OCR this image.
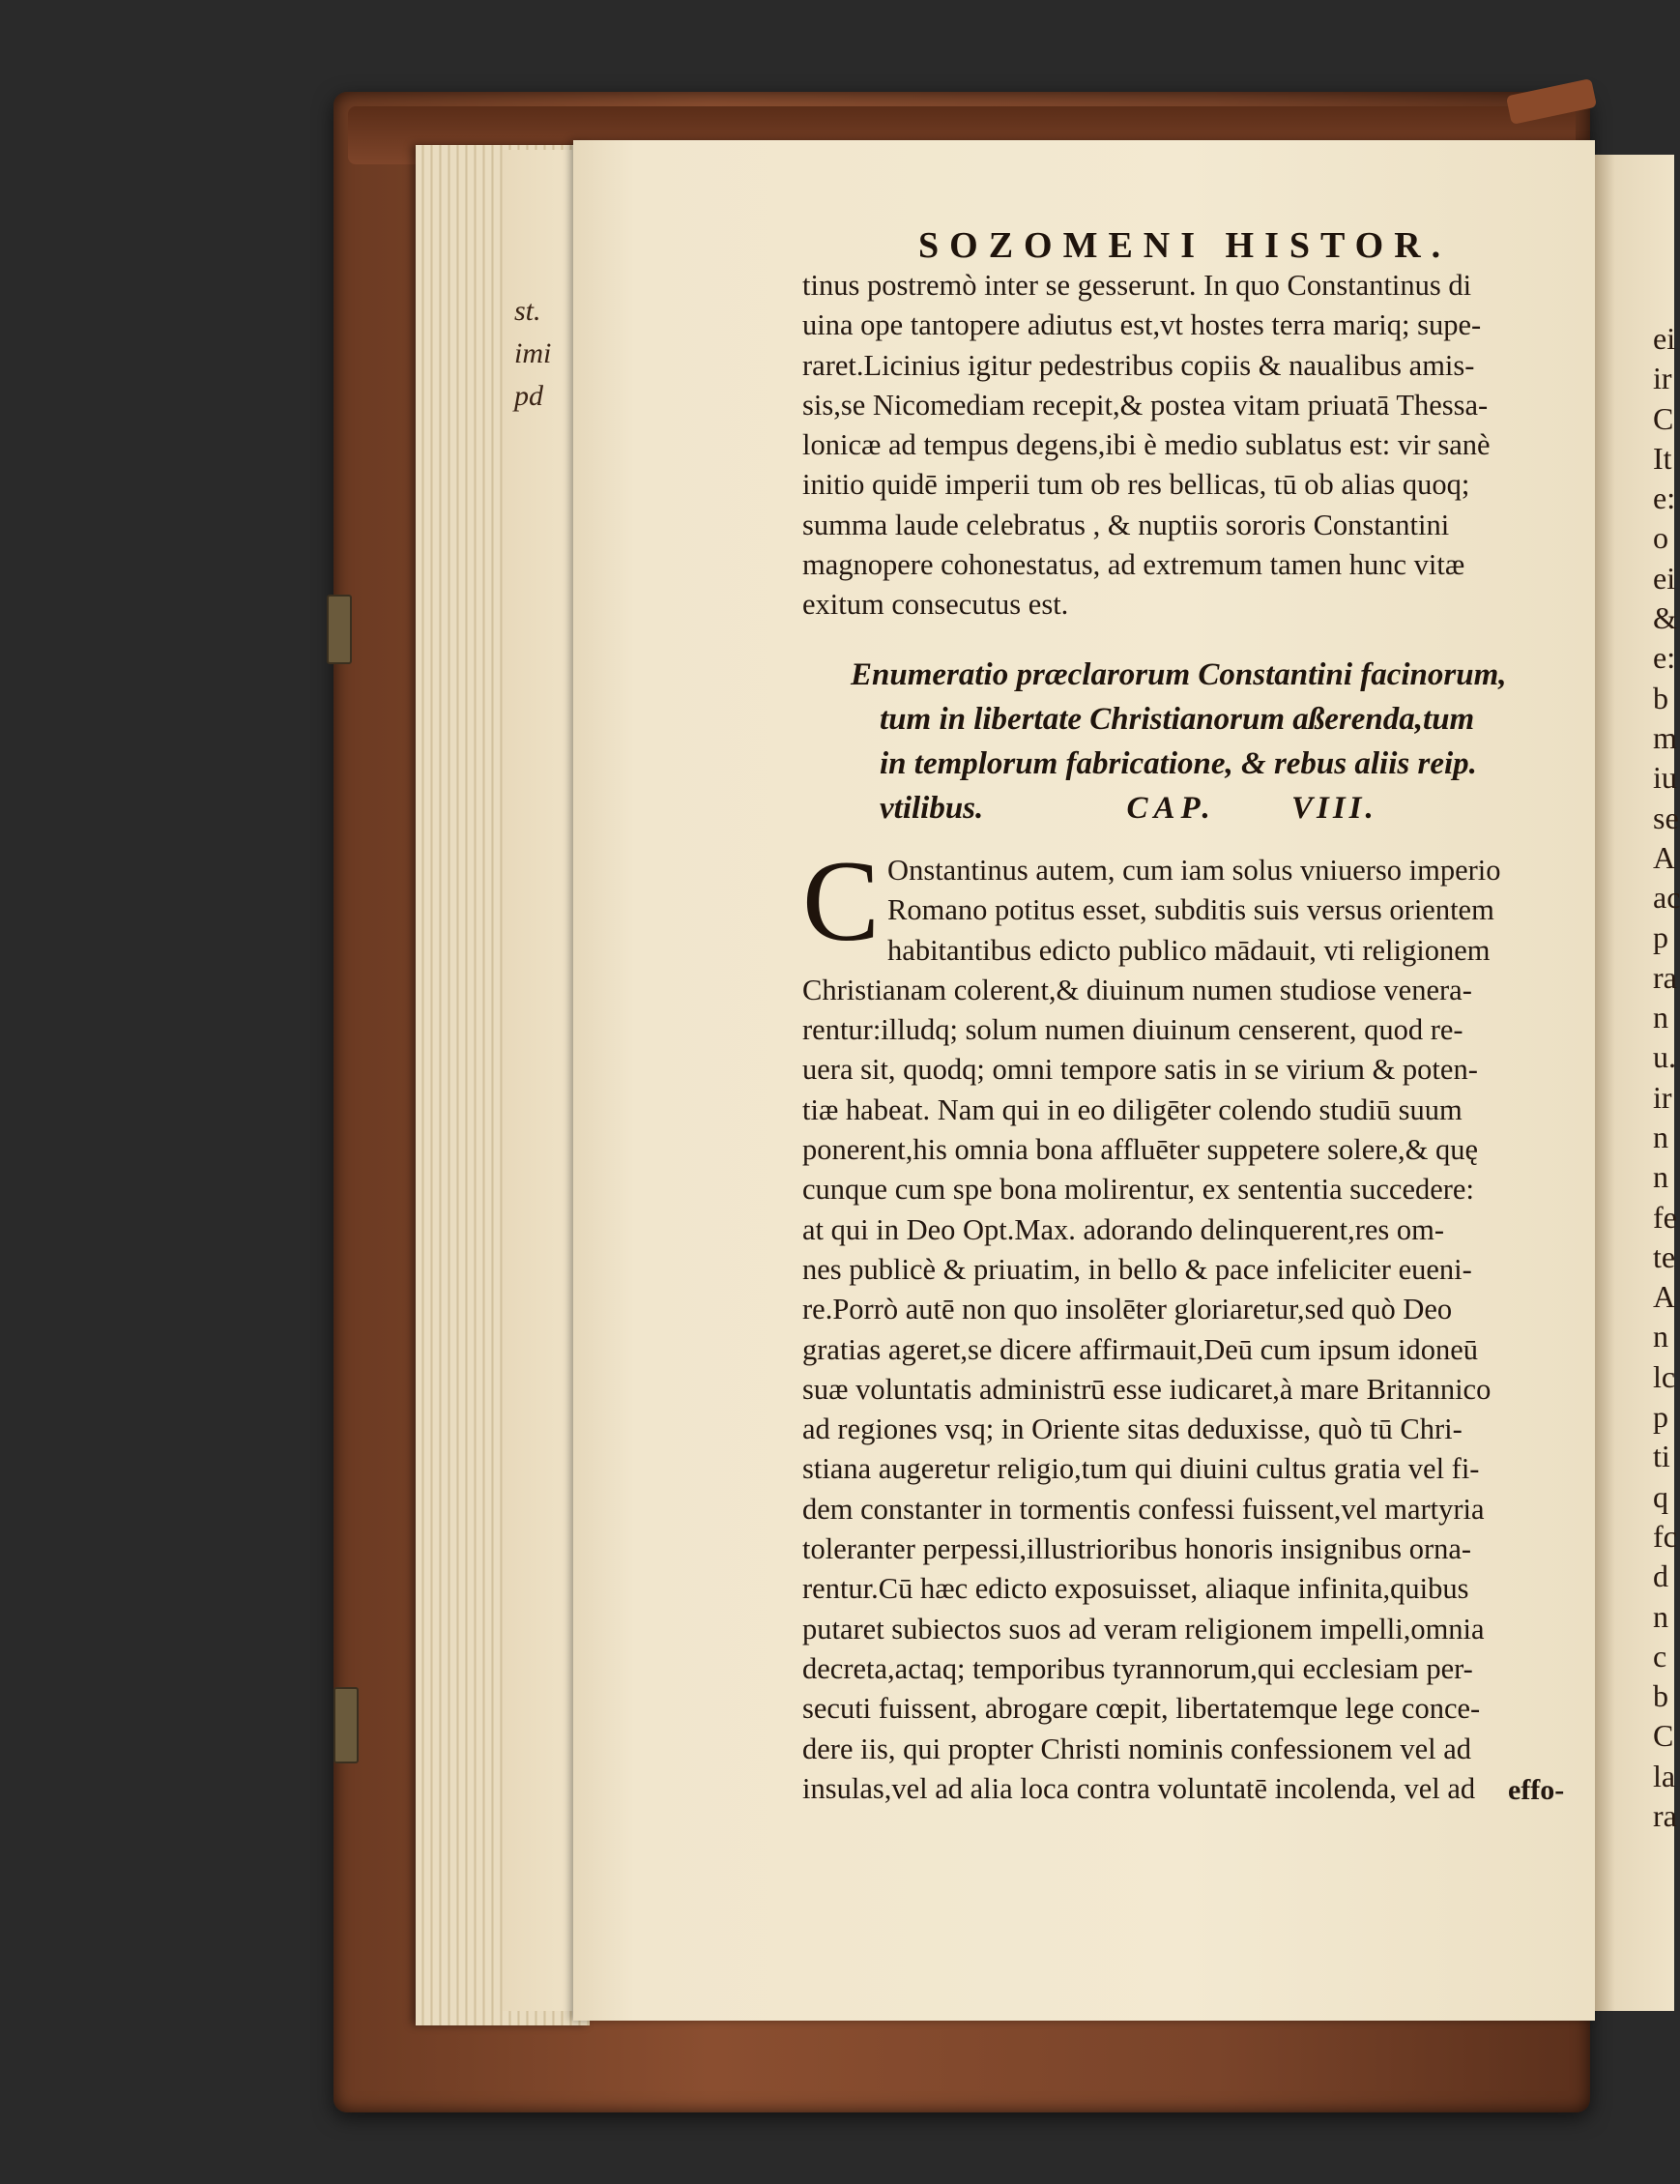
st.
imi
pd
ei
ir
C
It
e:
o
ei
&
e:
b
m
iu
se
A
ac
p
ra
n
u.
ir
n
n
fe
te
A
n
lc
p
ti
q
fc
d
n
c
b
C
la
ra
SOZOMENI HISTOR.
tinus postremò inter se gesserunt. In quo Constantinus di
uina ope tantopere adiutus est,vt hostes terra mariq; supe-
raret.Licinius igitur pedestribus copiis & naualibus amis-
sis,se Nicomediam recepit,& postea vitam priuatā Thessa-
lonicæ ad tempus degens,ibi è medio sublatus est: vir sanè
initio quidē imperii tum ob res bellicas, tū ob alias quoq;
summa laude celebratus , & nuptiis sororis Constantini
magnopere cohonestatus, ad extremum tamen hunc vitæ
exitum consecutus est.
Enumeratio præclarorum Constantini facinorum,
tum in libertate Christianorum aßerenda,tum
in templorum fabricatione, & rebus aliis reip.
vtilibus.	CAP. VIII.
C Onstantinus autem, cum iam solus vniuerso imperio
Romano potitus esset, subditis suis versus orientem
habitantibus edicto publico mādauit, vti religionem
Christianam colerent,& diuinum numen studiose venera-
rentur:illudq; solum numen diuinum censerent, quod re-
uera sit, quodq; omni tempore satis in se virium & poten-
tiæ habeat. Nam qui in eo diligēter colendo studiū suum
ponerent,his omnia bona affluēter suppetere solere,& quę
cunque cum spe bona molirentur, ex sententia succedere:
at qui in Deo Opt.Max. adorando delinquerent,res om-
nes publicè & priuatim, in bello & pace infeliciter eueni-
re.Porrò autē non quo insolēter gloriaretur,sed quò Deo
gratias ageret,se dicere affirmauit,Deū cum ipsum idoneū
suæ voluntatis administrū esse iudicaret,à mare Britannico
ad regiones vsq; in Oriente sitas deduxisse, quò tū Chri-
stiana augeretur religio,tum qui diuini cultus gratia vel fi-
dem constanter in tormentis confessi fuissent,vel martyria
toleranter perpessi,illustrioribus honoris insignibus orna-
rentur.Cū hæc edicto exposuisset, aliaque infinita,quibus
putaret subiectos suos ad veram religionem impelli,omnia
decreta,actaq; temporibus tyrannorum,qui ecclesiam per-
secuti fuissent, abrogare cœpit, libertatemque lege conce-
dere iis, qui propter Christi nominis confessionem vel ad
insulas,vel ad alia loca contra voluntatē incolenda, vel ad	effo-
